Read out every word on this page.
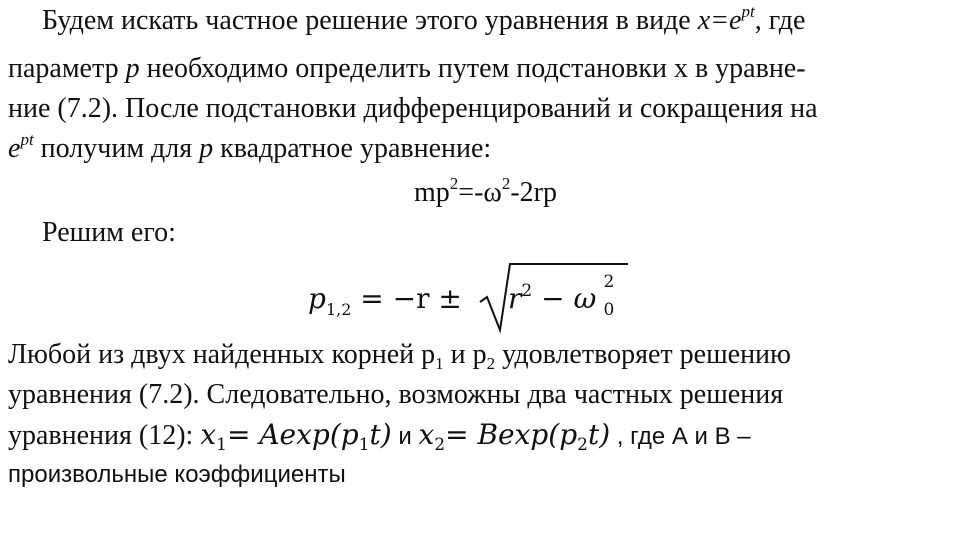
Будем искать частное решение этого уравнения в виде $x=e^{pt}$, где
параметр p необходимо определить путем подстановки х в уравне-
ние (7.2). После подстановки дифференцирований и сокращения на
$e^{pt}$ получим для p квадратное уравнение:
$mp^2=-\omega^2-2rp$
Решим его:
$p_{1,2} = -r \pm r^2 - \omega$ 2
0
Любой из двух найденных корней $p_1$ и $p_2$ удовлетворяет решению
уравнения (7.2). Следовательно, возможны два частных решения
уравнения (12): $x_1= Aexp(p_1t)$ и $x_2= Bexp(p_2t)$ , где А и В –
произвольные коэффициенты
